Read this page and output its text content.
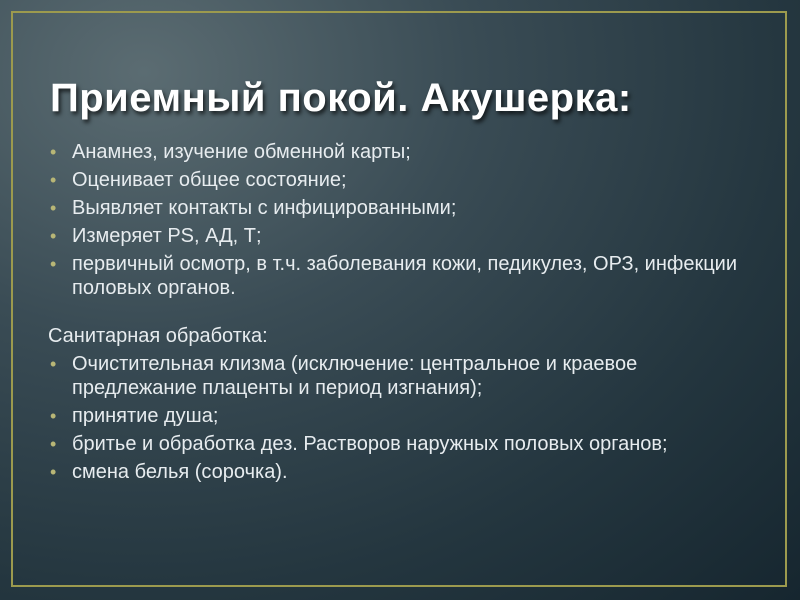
Приемный покой. Акушерка:
• Анамнез, изучение обменной карты;
• Оценивает общее состояние;
• Выявляет контакты с инфицированными;
• Измеряет PS, АД, Т;
• первичный осмотр, в т.ч. заболевания кожи, педикулез, ОРЗ, инфекции половых органов.
Санитарная обработка:
• Очистительная клизма (исключение: центральное и краевое предлежание плаценты и период изгнания);
• принятие душа;
• бритье и обработка дез. Растворов наружных половых органов;
• смена белья (сорочка).
